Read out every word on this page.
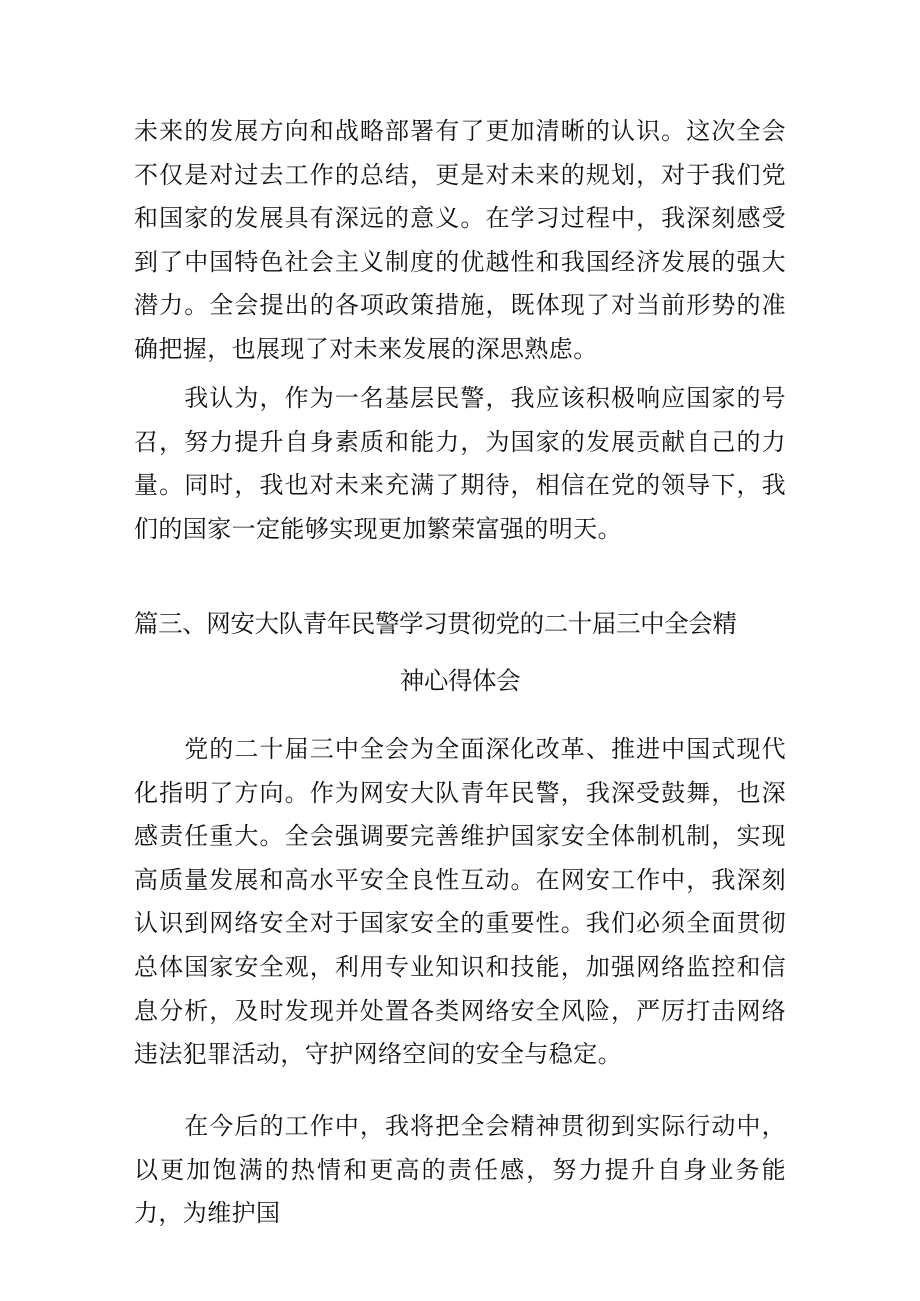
未来的发展方向和战略部署有了更加清晰的认识。这次全会不仅是对过去工作的总结，更是对未来的规划，对于我们党和国家的发展具有深远的意义。在学习过程中，我深刻感受到了中国特色社会主义制度的优越性和我国经济发展的强大潜力。全会提出的各项政策措施，既体现了对当前形势的准确把握，也展现了对未来发展的深思熟虑。

　　我认为，作为一名基层民警，我应该积极响应国家的号召，努力提升自身素质和能力，为国家的发展贡献自己的力量。同时，我也对未来充满了期待，相信在党的领导下，我们的国家一定能够实现更加繁荣富强的明天。

篇三、网安大队青年民警学习贯彻党的二十届三中全会精
神心得体会

　　党的二十届三中全会为全面深化改革、推进中国式现代化指明了方向。作为网安大队青年民警，我深受鼓舞，也深感责任重大。全会强调要完善维护国家安全体制机制，实现高质量发展和高水平安全良性互动。在网安工作中，我深刻认识到网络安全对于国家安全的重要性。我们必须全面贯彻总体国家安全观，利用专业知识和技能，加强网络监控和信息分析，及时发现并处置各类网络安全风险，严厉打击网络违法犯罪活动，守护网络空间的安全与稳定。

　　在今后的工作中，我将把全会精神贯彻到实际行动中，以更加饱满的热情和更高的责任感，努力提升自身业务能力，为维护国
